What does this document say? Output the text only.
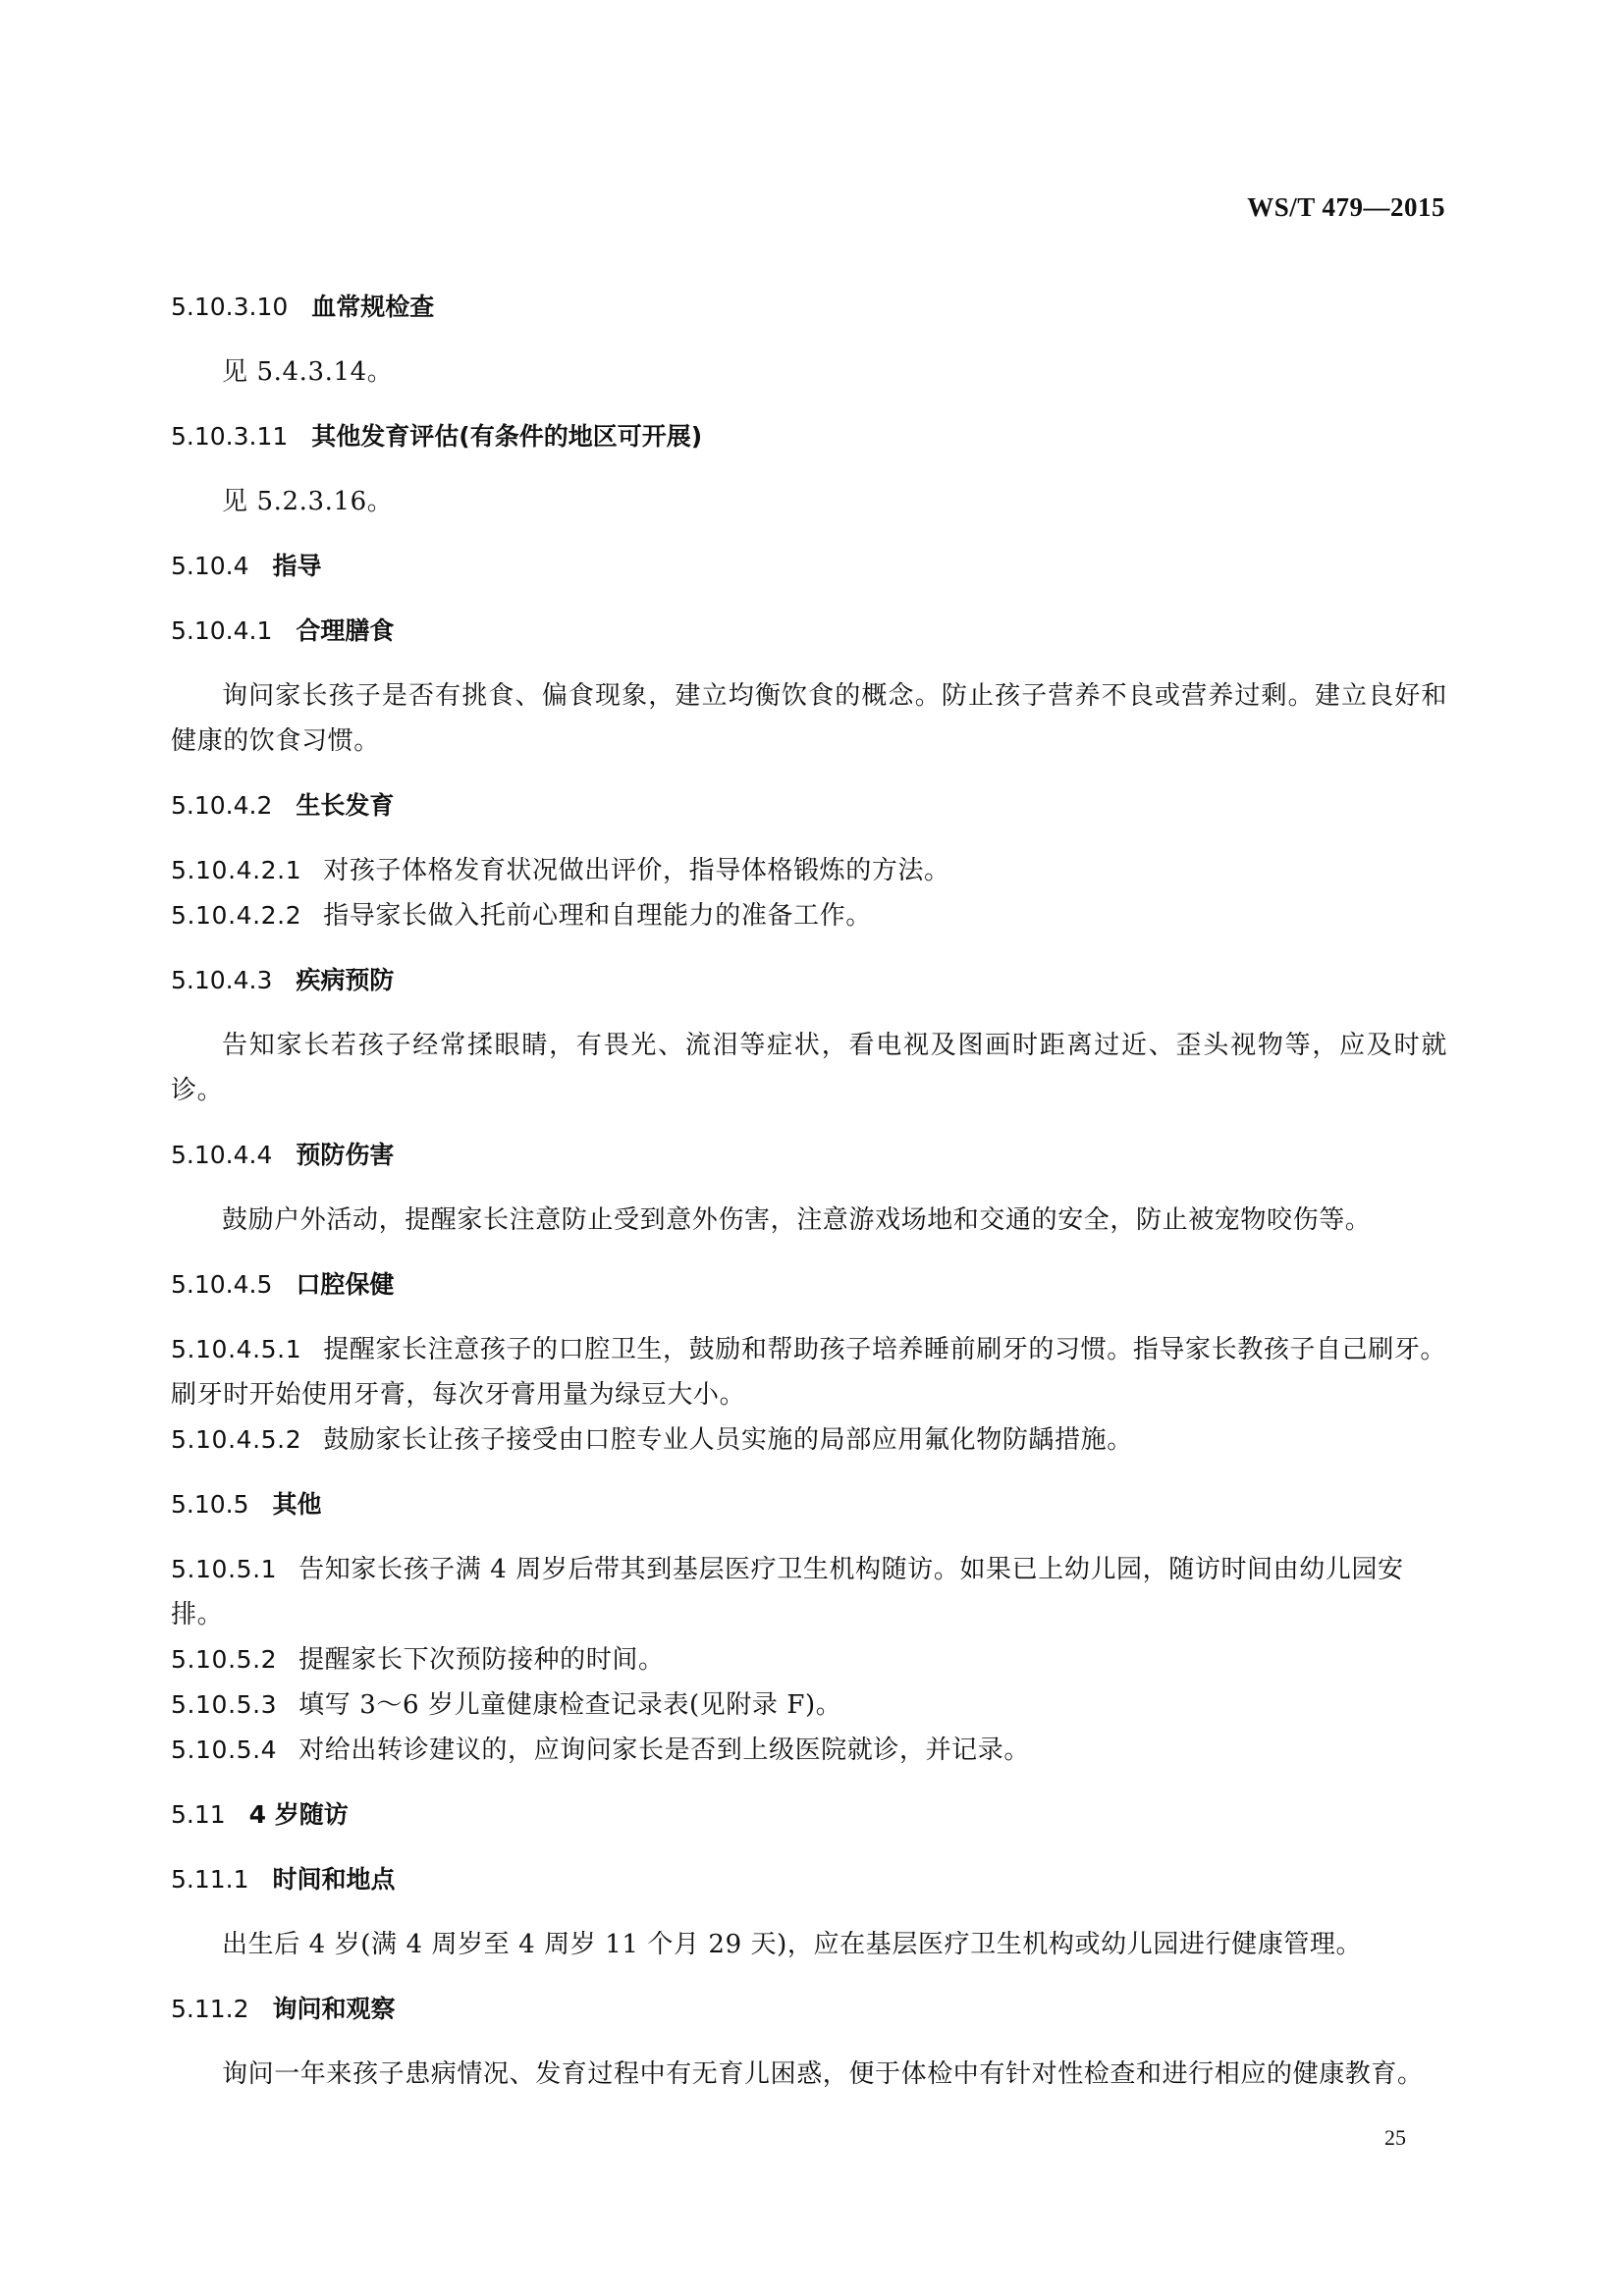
WS/T 479—2015
5.10.3.10 血常规检查

见 5.4.3.14。

5.10.3.11 其他发育评估(有条件的地区可开展)

见 5.2.3.16。

5.10.4 指导
5.10.4.1 合理膳食

询问家长孩子是否有挑食、偏食现象，建立均衡饮食的概念。防止孩子营养不良或营养过剩。建立良好和健康的饮食习惯。

5.10.4.2 生长发育

5.10.4.2.1 对孩子体格发育状况做出评价，指导体格锻炼的方法。

5.10.4.2.2 指导家长做入托前心理和自理能力的准备工作。

5.10.4.3 疾病预防

告知家长若孩子经常揉眼睛，有畏光、流泪等症状，看电视及图画时距离过近、歪头视物等，应及时就诊。

5.10.4.4 预防伤害

鼓励户外活动，提醒家长注意防止受到意外伤害，注意游戏场地和交通的安全，防止被宠物咬伤等。

5.10.4.5 口腔保健

5.10.4.5.1 提醒家长注意孩子的口腔卫生，鼓励和帮助孩子培养睡前刷牙的习惯。指导家长教孩子自己刷牙。刷牙时开始使用牙膏，每次牙膏用量为绿豆大小。

5.10.4.5.2 鼓励家长让孩子接受由口腔专业人员实施的局部应用氟化物防龋措施。

5.10.5 其他

5.10.5.1 告知家长孩子满 4 周岁后带其到基层医疗卫生机构随访。如果已上幼儿园，随访时间由幼儿园安排。

5.10.5.2 提醒家长下次预防接种的时间。

5.10.5.3 填写 3～6 岁儿童健康检查记录表(见附录 F)。

5.10.5.4 对给出转诊建议的，应询问家长是否到上级医院就诊，并记录。

5.11 4 岁随访
5.11.1 时间和地点

出生后 4 岁(满 4 周岁至 4 周岁 11 个月 29 天)，应在基层医疗卫生机构或幼儿园进行健康管理。

5.11.2 询问和观察

询问一年来孩子患病情况、发育过程中有无育儿困惑，便于体检中有针对性检查和进行相应的健康教育。

25
